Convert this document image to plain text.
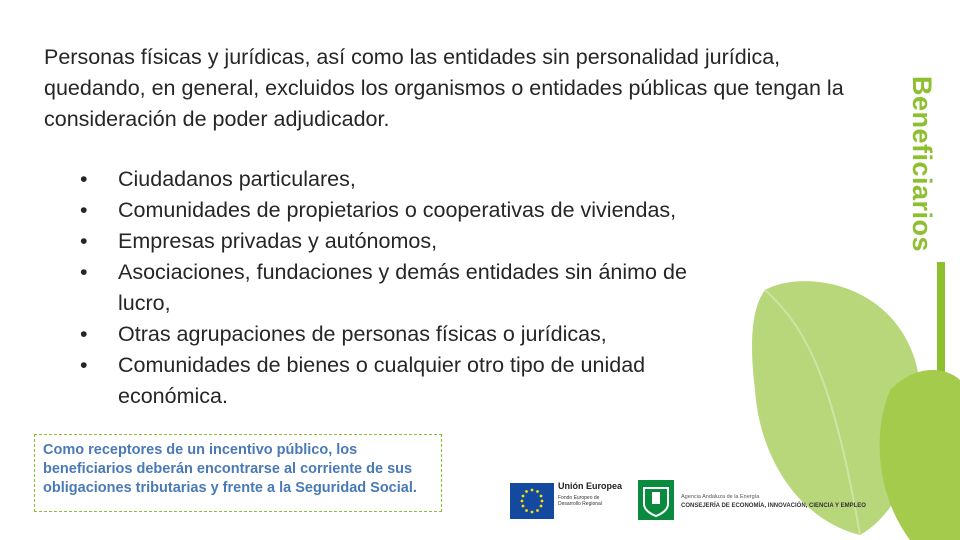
Personas físicas y jurídicas, así como las entidades sin personalidad jurídica, quedando, en general, excluidos los organismos o entidades públicas que tengan la consideración de poder adjudicador.	Beneficiarios
• Ciudadanos particulares,
• Comunidades de propietarios o cooperativas de viviendas,
• Empresas privadas y autónomos,
• Asociaciones, fundaciones y demás entidades sin ánimo de lucro,
• Otras agrupaciones de personas físicas o jurídicas,
• Comunidades de bienes o cualquier otro tipo de unidad económica.
Como receptores de un incentivo público, los beneficiarios deberán encontrarse al corriente de sus obligaciones tributarias y frente a la Seguridad Social.	Unión Europea
Fondo Europeo de Desarrollo Regional
Agencia Andaluza de la Energía
CONSEJERÍA DE ECONOMÍA, INNOVACIÓN, CIENCIA Y EMPLEO
